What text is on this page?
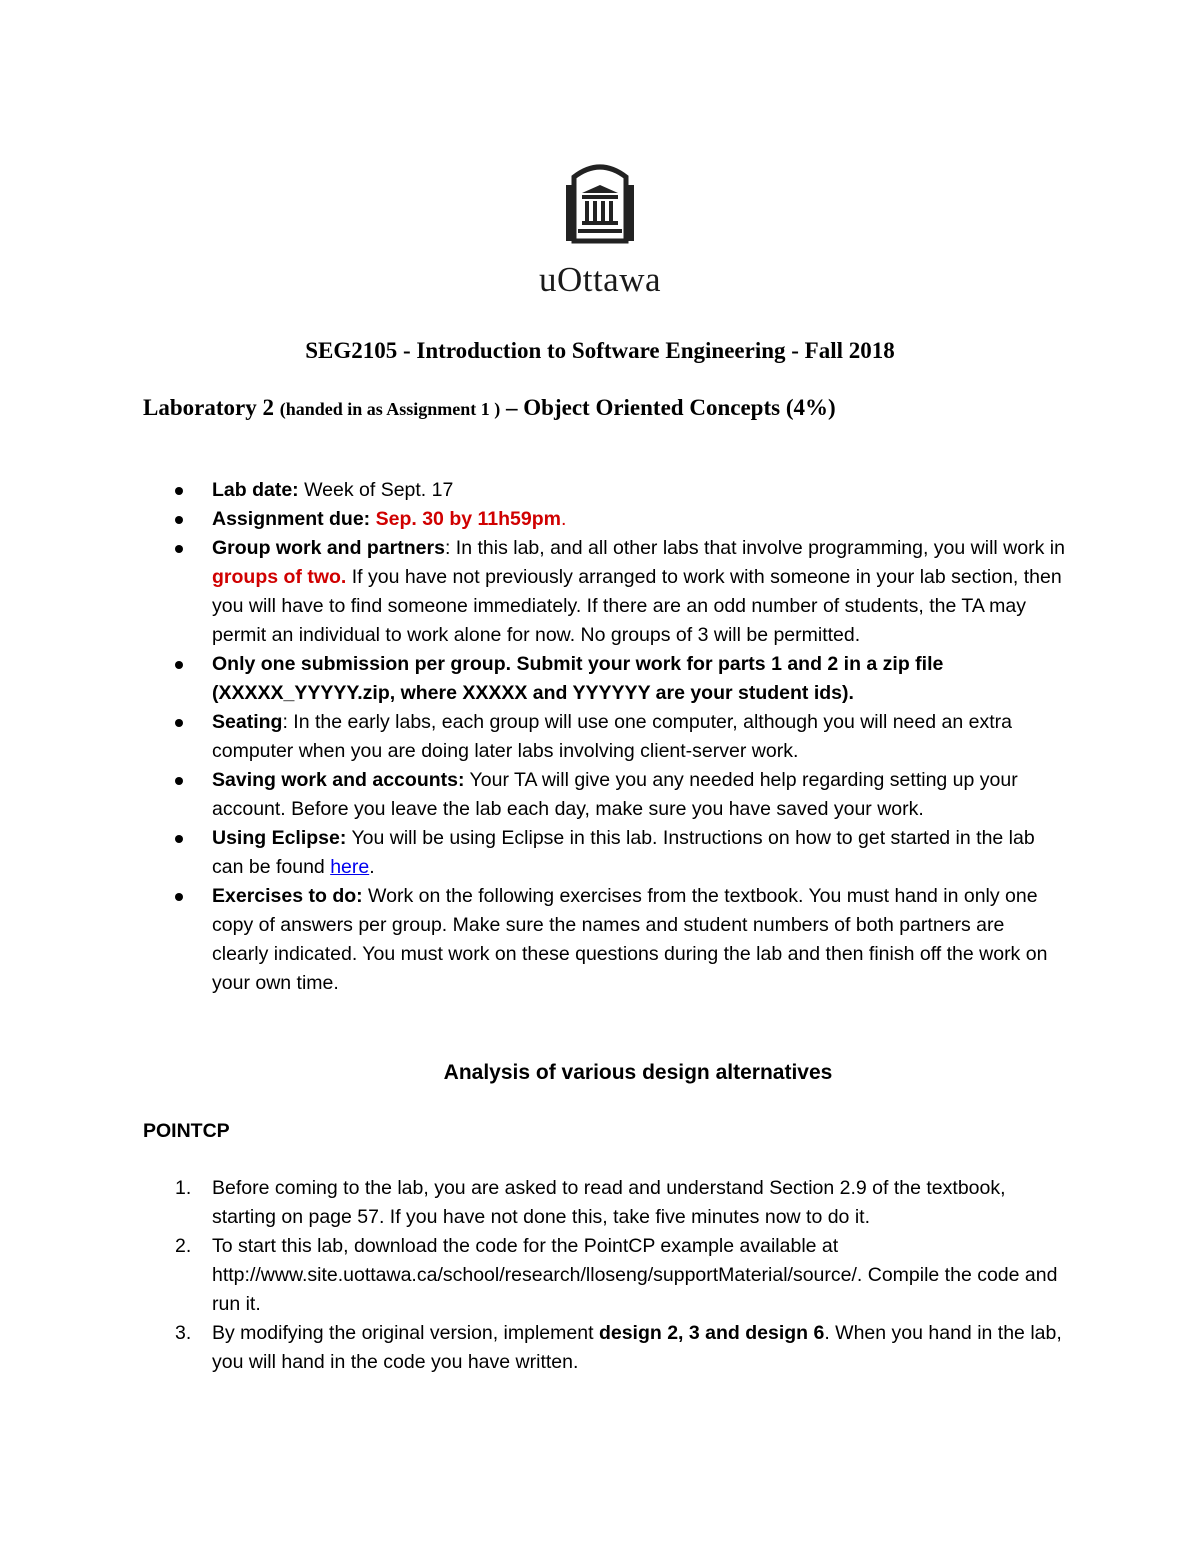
uOttawa
SEG2105 - Introduction to Software Engineering - Fall 2018
Laboratory 2 (handed in as Assignment 1 ) – Object Oriented Concepts (4%)
Lab date: Week of Sept. 17
Assignment due: Sep. 30 by 11h59pm.
Group work and partners: In this lab, and all other labs that involve programming, you will work in groups of two. If you have not previously arranged to work with someone in your lab section, then you will have to find someone immediately. If there are an odd number of students, the TA may permit an individual to work alone for now. No groups of 3 will be permitted.
Only one submission per group. Submit your work for parts 1 and 2 in a zip file (XXXXX_YYYYY.zip, where XXXXX and YYYYYY are your student ids).
Seating: In the early labs, each group will use one computer, although you will need an extra computer when you are doing later labs involving client-server work.
Saving work and accounts: Your TA will give you any needed help regarding setting up your account. Before you leave the lab each day, make sure you have saved your work.
Using Eclipse: You will be using Eclipse in this lab. Instructions on how to get started in the lab can be found here.
Exercises to do: Work on the following exercises from the textbook. You must hand in only one copy of answers per group. Make sure the names and student numbers of both partners are clearly indicated. You must work on these questions during the lab and then finish off the work on your own time.
Analysis of various design alternatives
POINTCP
1. Before coming to the lab, you are asked to read and understand Section 2.9 of the textbook, starting on page 57. If you have not done this, take five minutes now to do it.
2. To start this lab, download the code for the PointCP example available at http://www.site.uottawa.ca/school/research/lloseng/supportMaterial/source/. Compile the code and run it.
3. By modifying the original version, implement design 2, 3 and design 6. When you hand in the lab, you will hand in the code you have written.
